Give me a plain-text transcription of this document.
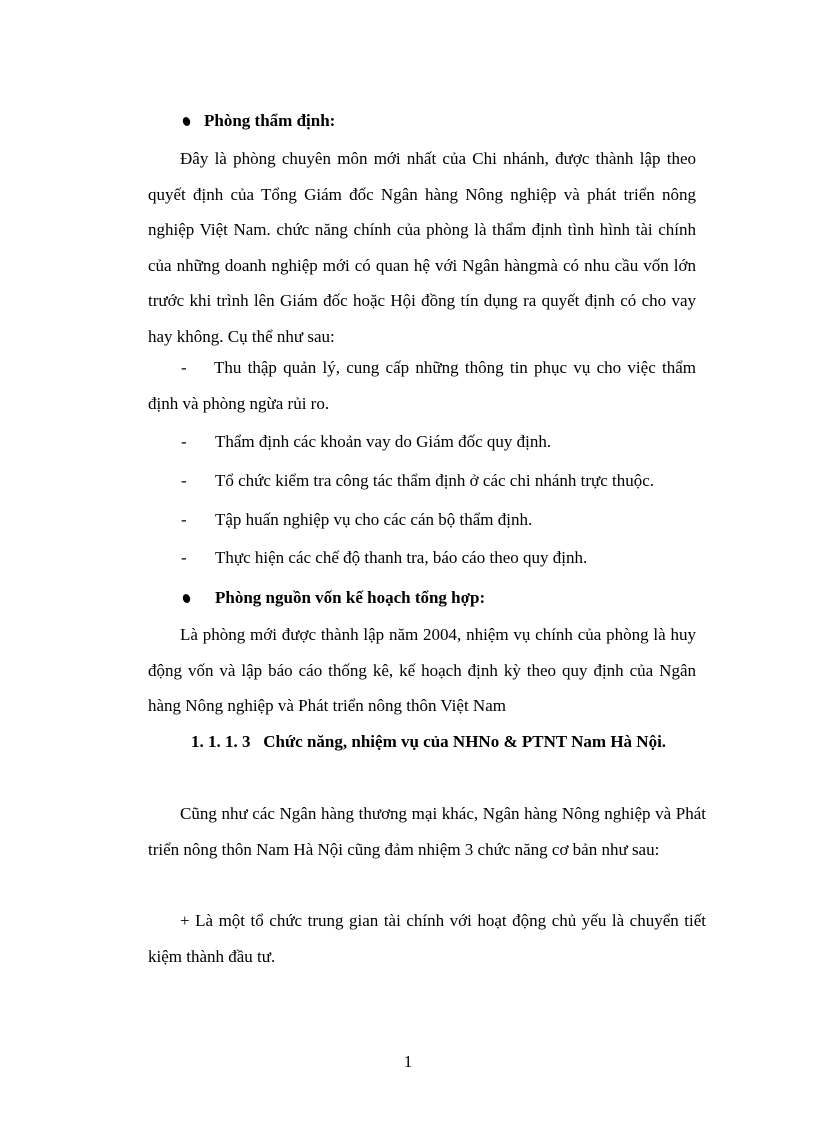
Phòng thẩm định:

Đây là phòng chuyên môn mới nhất của Chi nhánh, được thành lập theo quyết định của Tổng Giám đốc Ngân hàng Nông nghiệp và phát triển nông nghiệp Việt Nam. chức năng chính của phòng là thẩm định tình hình tài chính của những doanh nghiệp mới có quan hệ với Ngân hàngmà có nhu cầu vốn lớn trước khi trình lên Giám đốc hoặc Hội đồng tín dụng ra quyết định có cho vay hay không. Cụ thể như sau:

-	Thu thập quản lý, cung cấp những thông tin phục vụ cho việc thẩm định và phòng ngừa rủi ro.

- Thẩm định các khoản vay do Giám đốc quy định.

- Tổ chức kiểm tra công tác thẩm định ở các chi nhánh trực thuộc.

- Tập huấn nghiệp vụ cho các cán bộ thẩm định.

- Thực hiện các chế độ thanh tra, báo cáo theo quy định.

Phòng nguồn vốn kế hoạch tổng hợp:

Là phòng mới được thành lập năm 2004, nhiệm vụ chính của phòng là huy động vốn và lập báo cáo thống kê, kế hoạch định kỳ theo quy định của Ngân hàng Nông nghiệp và Phát triển nông thôn Việt Nam

1. 1. 1. 3 Chức năng, nhiệm vụ của NHNo & PTNT Nam Hà Nội.

Cũng như các Ngân hàng thương mại khác, Ngân hàng Nông nghiệp và Phát triển nông thôn Nam Hà Nội cũng đảm nhiệm 3 chức năng cơ bản như sau:

+ Là một tổ chức trung gian tài chính với hoạt động chủ yếu là chuyển tiết kiệm thành đầu tư.

1
